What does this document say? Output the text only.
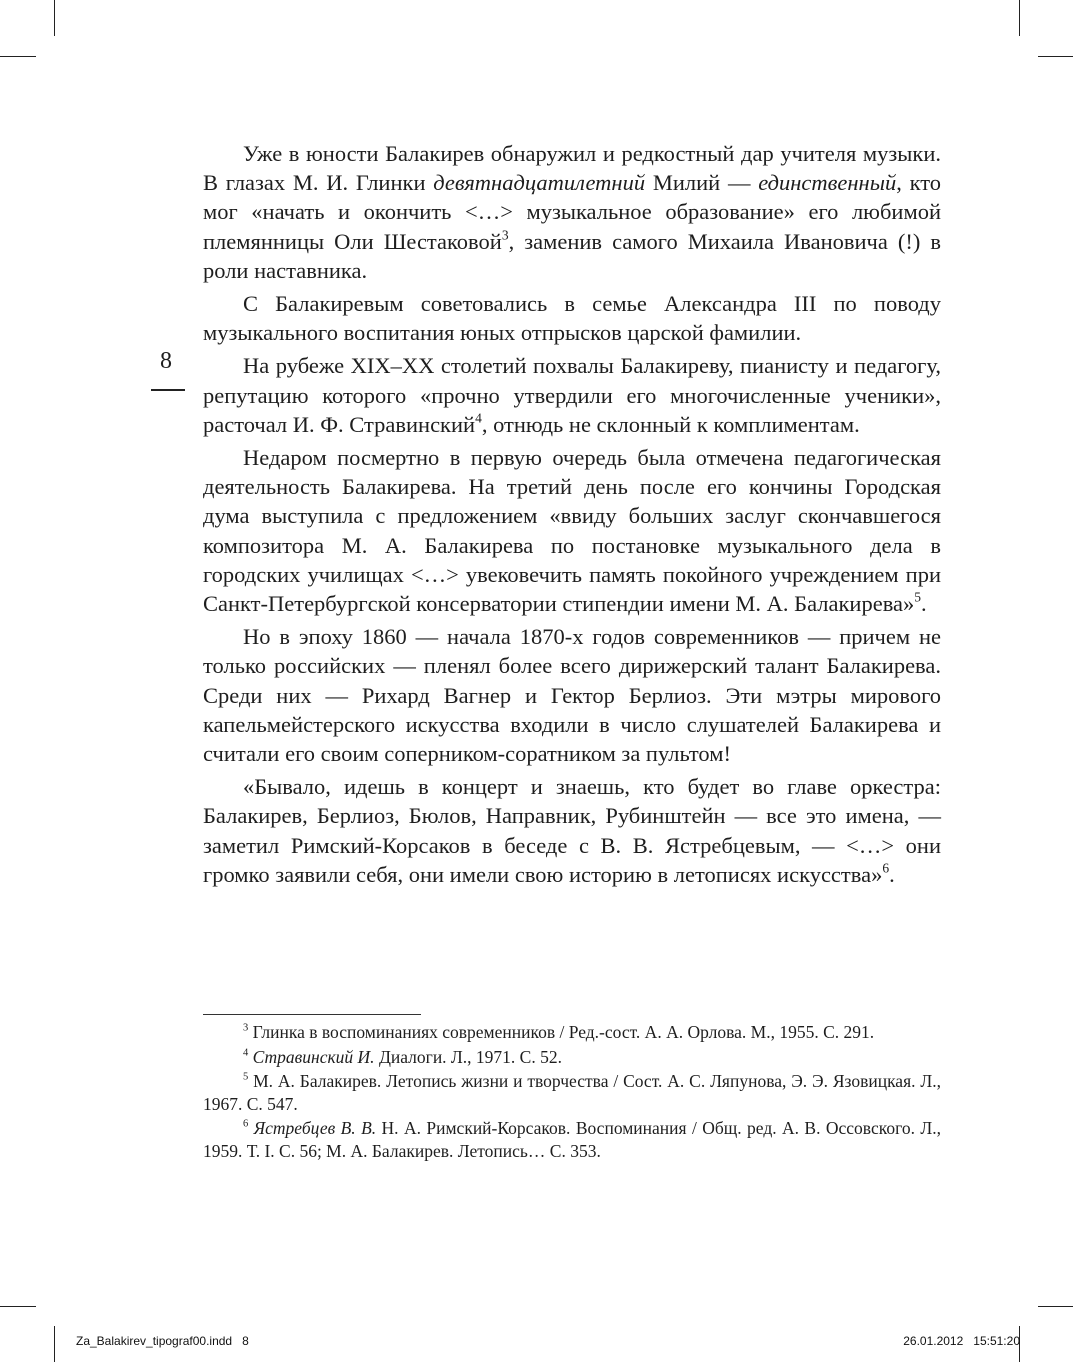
8

Уже в юности Балакирев обнаружил и редкостный дар учителя музыки. В глазах М. И. Глинки девятнадцатилетний Милий — единственный, кто мог «начать и окончить <…> музыкальное образование» его любимой племянницы Оли Шестаковой$^3$, заменив самого Михаила Ивановича (!) в роли наставника.

С Балакиревым советовались в семье Александра III по поводу музыкального воспитания юных отпрысков царской фамилии.

На рубеже XIX–XX столетий похвалы Балакиреву, пианисту и педагогу, репутацию которого «прочно утвердили его многочисленные ученики», расточал И. Ф. Стравинский$^4$, отнюдь не склонный к комплиментам.

Недаром посмертно в первую очередь была отмечена педагогическая деятельность Балакирева. На третий день после его кончины Городская дума выступила с предложением «ввиду больших заслуг скончавшегося композитора М. А. Балакирева по постановке музыкального дела в городских училищах <…> увековечить память покойного учреждением при Санкт-Петербургской консерватории стипендии имени М. А. Балакирева»$^5$.

Но в эпоху 1860 — начала 1870-х годов современников — причем не только российских — пленял более всего дирижерский талант Балакирева. Среди них — Рихард Вагнер и Гектор Берлиоз. Эти мэтры мирового капельмейстерского искусства входили в число слушателей Балакирева и считали его своим соперником-соратником за пультом!

«Бывало, идешь в концерт и знаешь, кто будет во главе оркестра: Балакирев, Берлиоз, Бюлов, Направник, Рубинштейн — все это имена, — заметил Римский-Корсаков в беседе с В. В. Ястребцевым, — <…> они громко заявили себя, они имели свою историю в летописях искусства»$^6$.

$^3$ Глинка в воспоминаниях современников / Ред.-сост. А. А. Орлова. М., 1955. С. 291.

$^4$ Стравинский И. Диалоги. Л., 1971. С. 52.

$^5$ М. А. Балакирев. Летопись жизни и творчества / Сост. А. С. Ляпунова, Э. Э. Язовицкая. Л., 1967. С. 547.

$^6$ Ястребцев В. В. Н. А. Римский-Корсаков. Воспоминания / Общ. ред. А. В. Оссовского. Л., 1959. Т. I. С. 56; М. А. Балакирев. Летопись… С. 353.

Za_Balakirev_tipograf00.indd   8	26.01.2012   15:51:20
